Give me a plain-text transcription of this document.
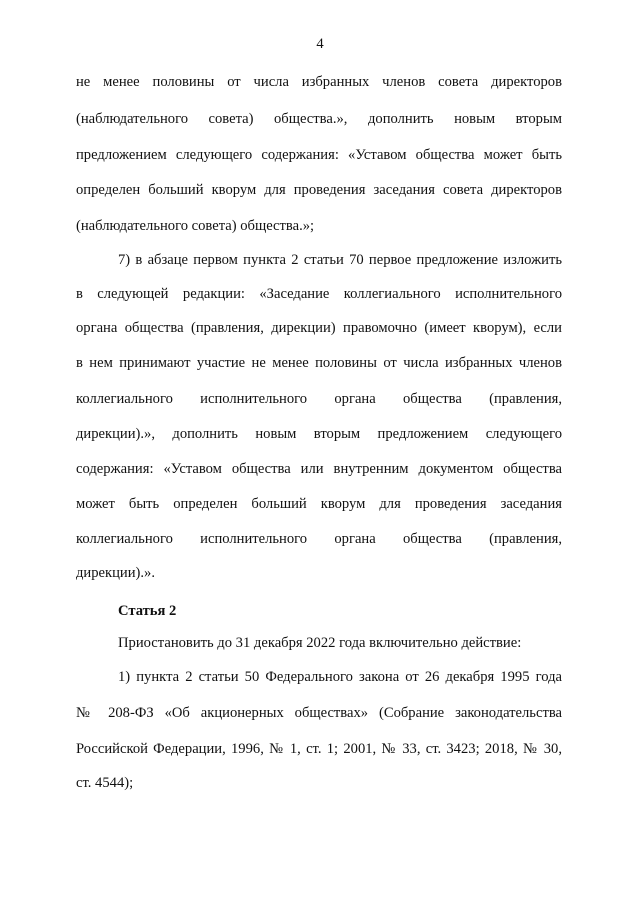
4
не менее половины от числа избранных членов совета директоров
(наблюдательного совета) общества.», дополнить новым вторым
предложением следующего содержания: «Уставом общества может быть
определен больший кворум для проведения заседания совета директоров
(наблюдательного совета) общества.»;
7) в абзаце первом пункта 2 статьи 70 первое предложение изложить
в следующей редакции: «Заседание коллегиального исполнительного
органа общества (правления, дирекции) правомочно (имеет кворум), если
в нем принимают участие не менее половины от числа избранных членов
коллегиального исполнительного органа общества (правления,
дирекции).», дополнить новым вторым предложением следующего
содержания: «Уставом общества или внутренним документом общества
может быть определен больший кворум для проведения заседания
коллегиального исполнительного органа общества (правления,
дирекции).».
Статья 2
Приостановить до 31 декабря 2022 года включительно действие:
1) пункта 2 статьи 50 Федерального закона от 26 декабря 1995 года
№ 208-ФЗ «Об акционерных обществах» (Собрание законодательства
Российской Федерации, 1996, № 1, ст. 1; 2001, № 33, ст. 3423; 2018, № 30,
ст. 4544);
